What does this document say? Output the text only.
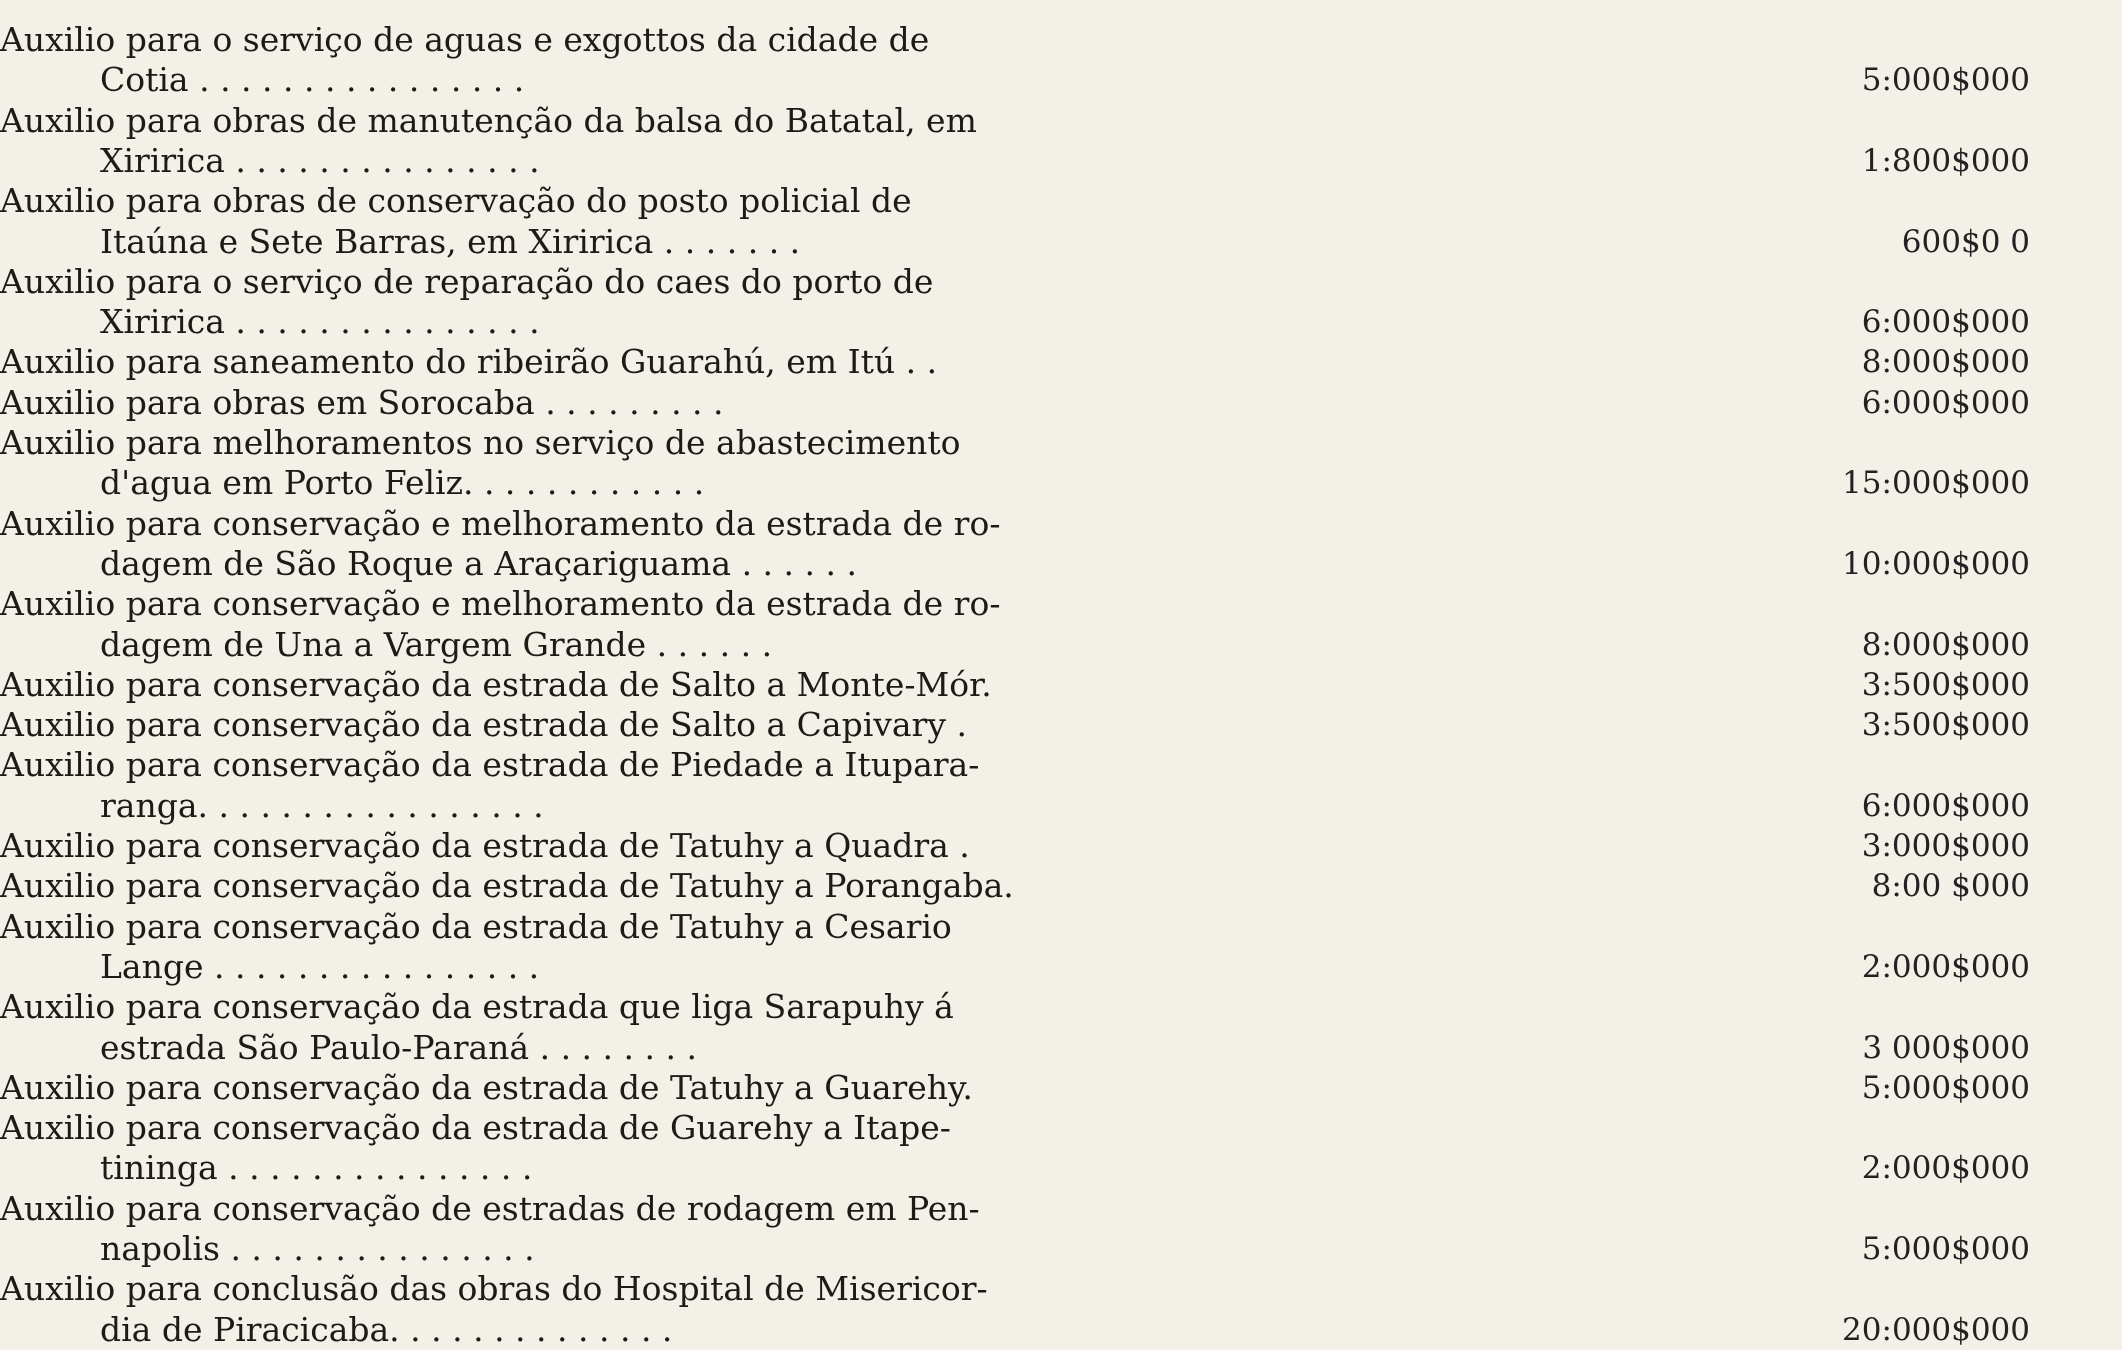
Auxilio para o serviço de aguas e exgottos da cidade de
Cotia . . . . . . . . . . . . . . . .	5:000$000
Auxilio para obras de manutenção da balsa do Batatal, em
Xiririca . . . . . . . . . . . . . . .	1:800$000
Auxilio para obras de conservação do posto policial de
Itaúna e Sete Barras, em Xiririca . . . . . . .	600$0 0
Auxilio para o serviço de reparação do caes do porto de
Xiririca . . . . . . . . . . . . . . .	6:000$000
Auxilio para saneamento do ribeirão Guarahú, em Itú . .	8:000$000
Auxilio para obras em Sorocaba . . . . . . . . .	6:000$000
Auxilio para melhoramentos no serviço de abastecimento
d'agua em Porto Feliz. . . . . . . . . . . .	15:000$000
Auxilio para conservação e melhoramento da estrada de ro-
dagem de São Roque a Araçariguama . . . . . .	10:000$000
Auxilio para conservação e melhoramento da estrada de ro-
dagem de Una a Vargem Grande . . . . . .	8:000$000
Auxilio para conservação da estrada de Salto a Monte-Mór.	3:500$000
Auxilio para conservação da estrada de Salto a Capivary .	3:500$000
Auxilio para conservação da estrada de Piedade a Itupara-
ranga. . . . . . . . . . . . . . . . .	6:000$000
Auxilio para conservação da estrada de Tatuhy a Quadra .	3:000$000
Auxilio para conservação da estrada de Tatuhy a Porangaba.	8:00 $000
Auxilio para conservação da estrada de Tatuhy a Cesario
Lange . . . . . . . . . . . . . . . .	2:000$000
Auxilio para conservação da estrada que liga Sarapuhy á
estrada São Paulo-Paraná . . . . . . . .	3 000$000
Auxilio para conservação da estrada de Tatuhy a Guarehy.	5:000$000
Auxilio para conservação da estrada de Guarehy a Itape-
tininga . . . . . . . . . . . . . . .	2:000$000
Auxilio para conservação de estradas de rodagem em Pen-
napolis . . . . . . . . . . . . . . .	5:000$000
Auxilio para conclusão das obras do Hospital de Misericor-
dia de Piracicaba. . . . . . . . . . . . . .	20:000$000
